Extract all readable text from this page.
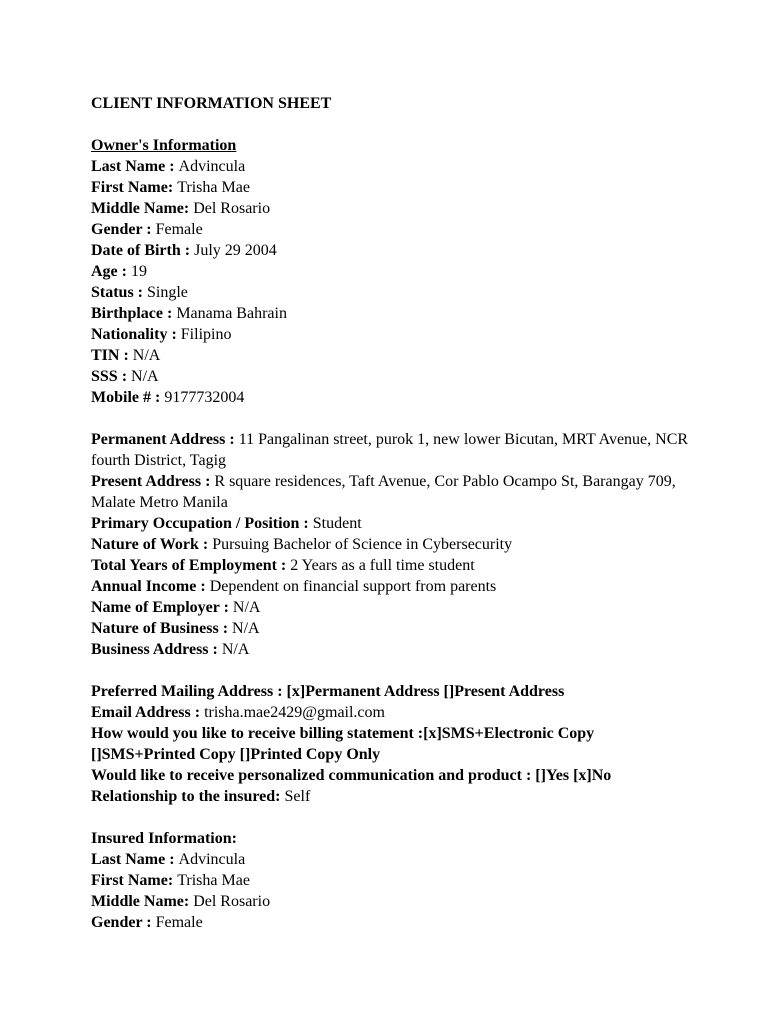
CLIENT INFORMATION SHEET

Owner's Information

Last Name : Advincula

First Name: Trisha Mae

Middle Name: Del Rosario

Gender : Female

Date of Birth : July 29 2004

Age : 19

Status : Single

Birthplace : Manama Bahrain

Nationality : Filipino

TIN : N/A

SSS : N/A

Mobile # : 9177732004

Permanent Address : 11 Pangalinan street, purok 1, new lower Bicutan, MRT Avenue, NCR fourth District, Tagig

Present Address : R square residences, Taft Avenue, Cor Pablo Ocampo St, Barangay 709, Malate Metro Manila

Primary Occupation / Position : Student

Nature of Work : Pursuing Bachelor of Science in Cybersecurity

Total Years of Employment : 2 Years as a full time student

Annual Income : Dependent on financial support from parents

Name of Employer : N/A

Nature of Business : N/A

Business Address : N/A

Preferred Mailing Address : [x]Permanent Address []Present Address

Email Address : trisha.mae2429@gmail.com

How would you like to receive billing statement :[x]SMS+Electronic Copy []SMS+Printed Copy []Printed Copy Only

Would like to receive personalized communication and product : []Yes [x]No

Relationship to the insured: Self

Insured Information:

Last Name : Advincula

First Name: Trisha Mae

Middle Name: Del Rosario

Gender : Female
